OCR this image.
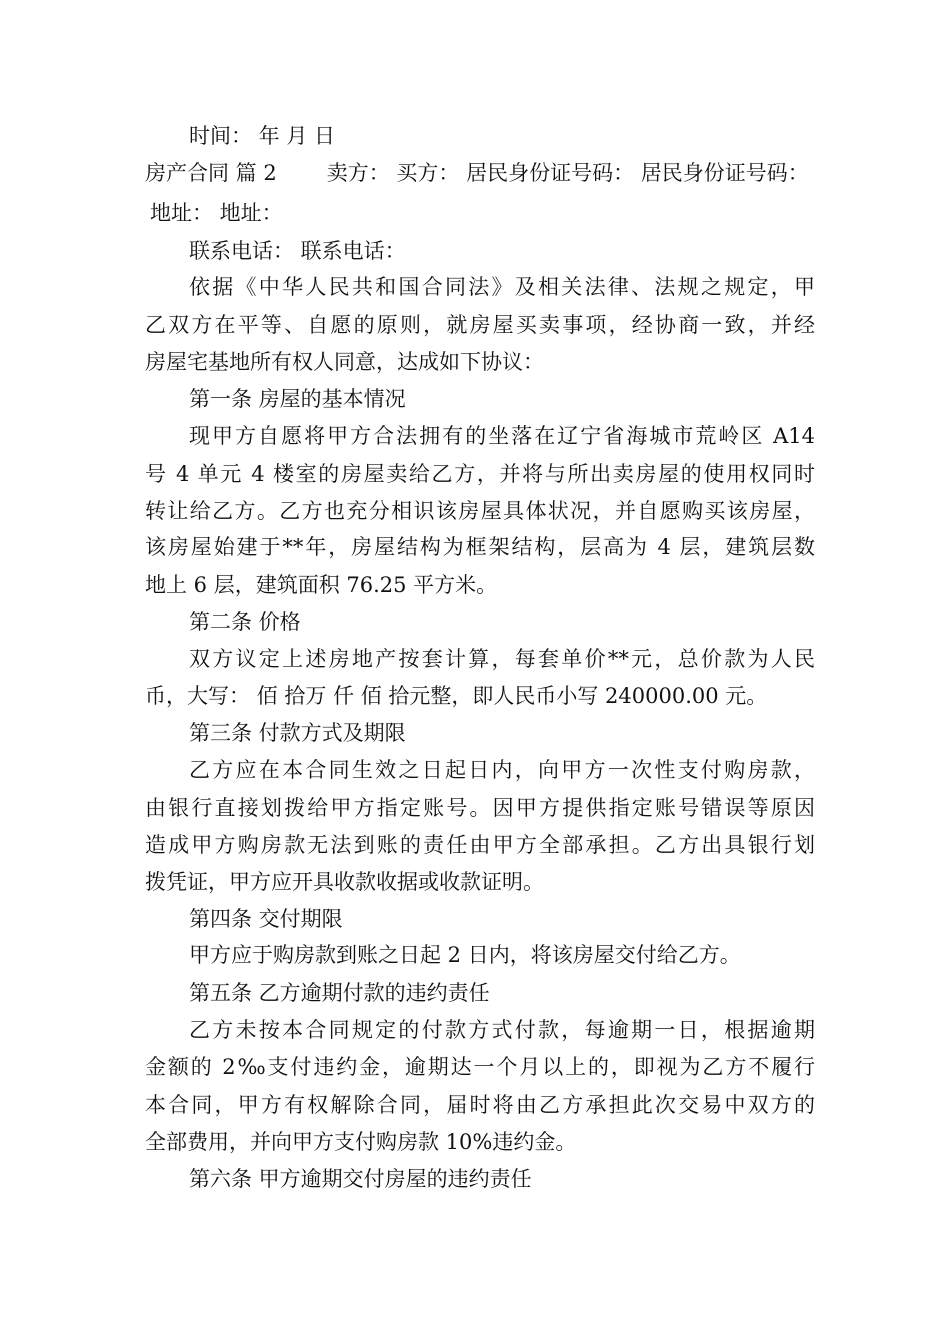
时间： 年 月 日
房产合同 篇 2 卖方： 买方： 居民身份证号码： 居民身份证号码：
地址： 地址：
联系电话： 联系电话：
依据《中华人民共和国合同法》及相关法律、法规之规定，甲
乙双方在平等、自愿的原则，就房屋买卖事项，经协商一致，并经
房屋宅基地所有权人同意，达成如下协议：
第一条 房屋的基本情况
现甲方自愿将甲方合法拥有的坐落在辽宁省海城市荒岭区 A14
号 4 单元 4 楼室的房屋卖给乙方，并将与所出卖房屋的使用权同时
转让给乙方。乙方也充分相识该房屋具体状况，并自愿购买该房屋，
该房屋始建于**年，房屋结构为框架结构，层高为 4 层，建筑层数
地上 6 层，建筑面积 76.25 平方米。
第二条 价格
双方议定上述房地产按套计算，每套单价**元，总价款为人民
币，大写： 佰 拾万 仟 佰 拾元整，即人民币小写 240000.00 元。
第三条 付款方式及期限
乙方应在本合同生效之日起日内，向甲方一次性支付购房款，
由银行直接划拨给甲方指定账号。因甲方提供指定账号错误等原因
造成甲方购房款无法到账的责任由甲方全部承担。乙方出具银行划
拨凭证，甲方应开具收款收据或收款证明。
第四条 交付期限
甲方应于购房款到账之日起 2 日内，将该房屋交付给乙方。
第五条 乙方逾期付款的违约责任
乙方未按本合同规定的付款方式付款，每逾期一日，根据逾期
金额的 2‰支付违约金，逾期达一个月以上的，即视为乙方不履行
本合同，甲方有权解除合同，届时将由乙方承担此次交易中双方的
全部费用，并向甲方支付购房款 10%违约金。
第六条 甲方逾期交付房屋的违约责任
